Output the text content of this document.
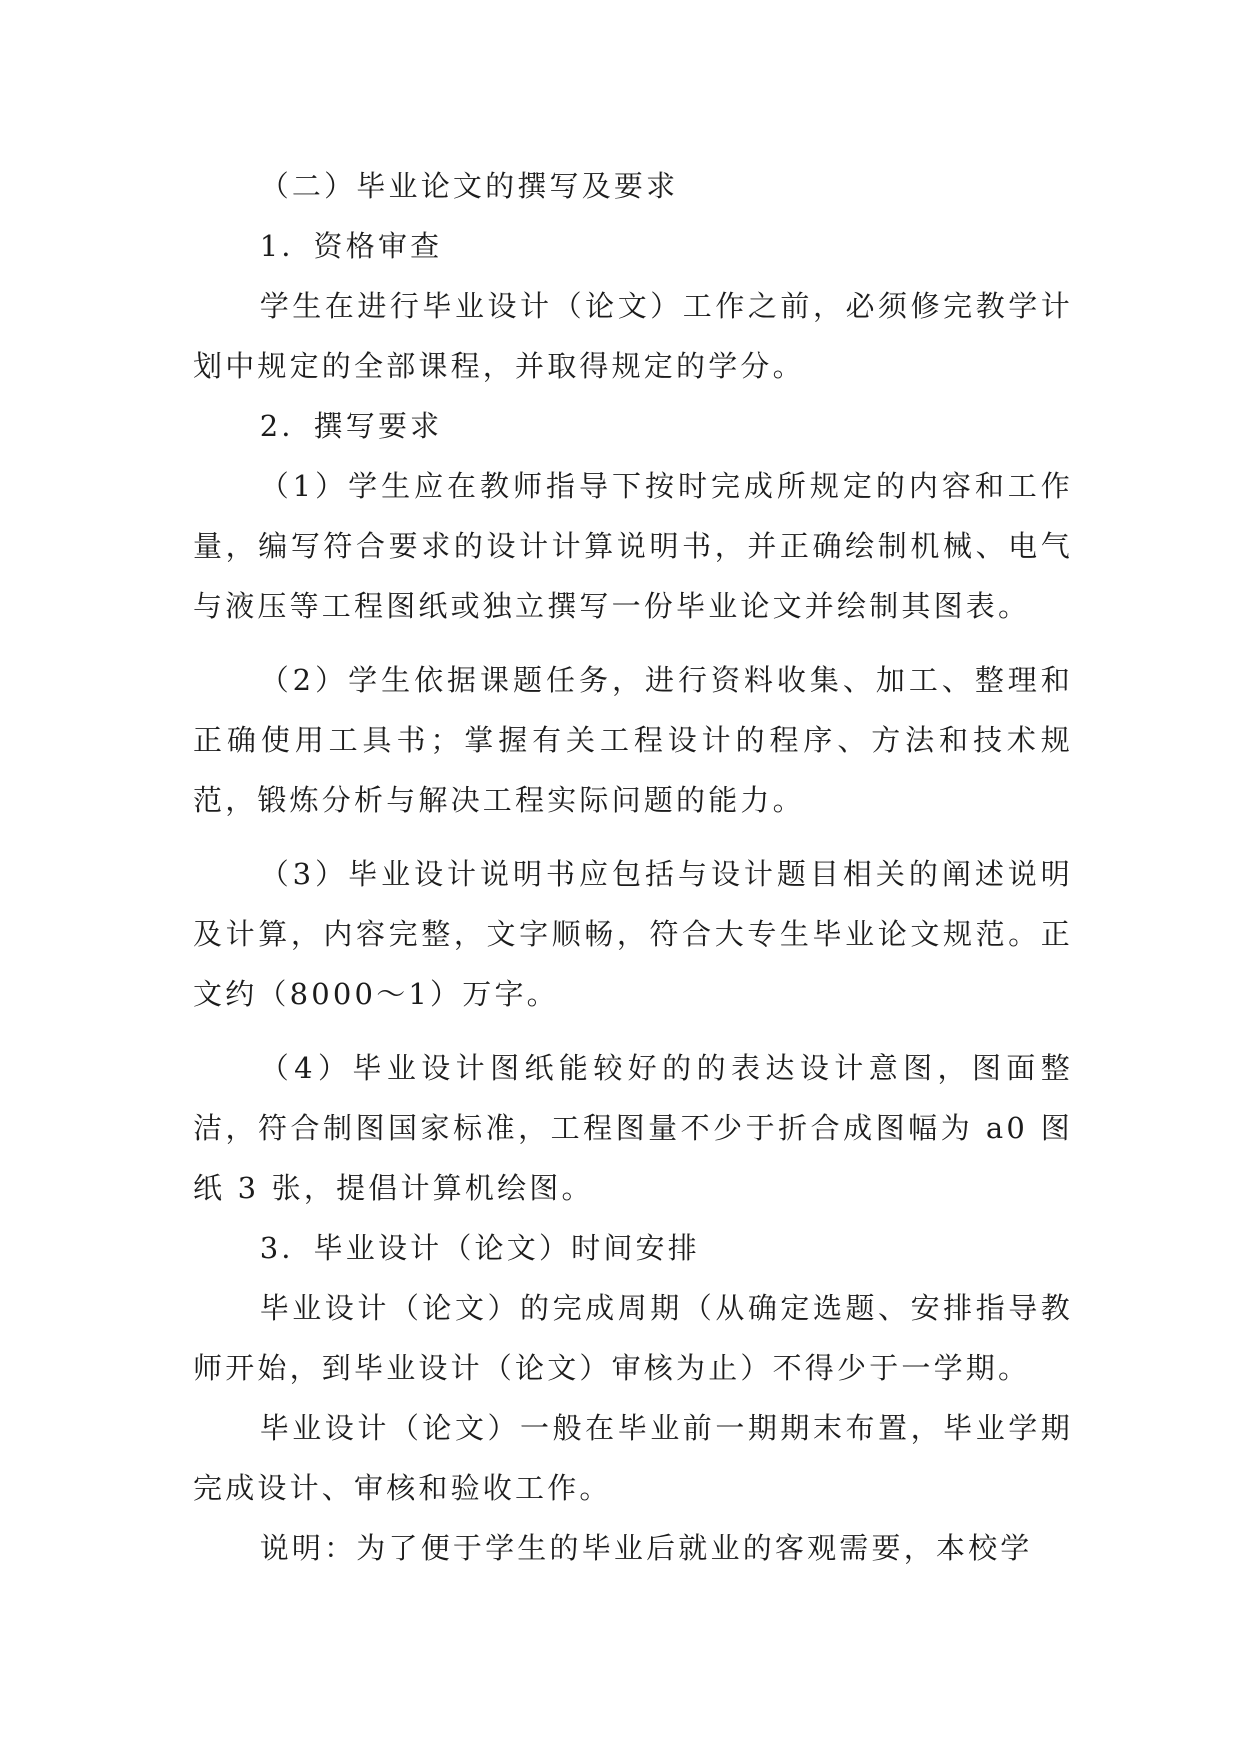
（二）毕业论文的撰写及要求

1．资格审查

学生在进行毕业设计（论文）工作之前，必须修完教学计划中规定的全部课程，并取得规定的学分。

2．撰写要求

（1）学生应在教师指导下按时完成所规定的内容和工作量，编写符合要求的设计计算说明书，并正确绘制机械、电气与液压等工程图纸或独立撰写一份毕业论文并绘制其图表。

（2）学生依据课题任务，进行资料收集、加工、整理和正确使用工具书；掌握有关工程设计的程序、方法和技术规范，锻炼分析与解决工程实际问题的能力。

（3）毕业设计说明书应包括与设计题目相关的阐述说明及计算，内容完整，文字顺畅，符合大专生毕业论文规范。正文约（8000～1）万字。

（4）毕业设计图纸能较好的的表达设计意图，图面整洁，符合制图国家标准，工程图量不少于折合成图幅为 a0 图纸 3 张，提倡计算机绘图。

3．毕业设计（论文）时间安排

毕业设计（论文）的完成周期（从确定选题、安排指导教师开始，到毕业设计（论文）审核为止）不得少于一学期。

毕业设计（论文）一般在毕业前一期期末布置，毕业学期完成设计、审核和验收工作。

说明：为了便于学生的毕业后就业的客观需要，本校学
